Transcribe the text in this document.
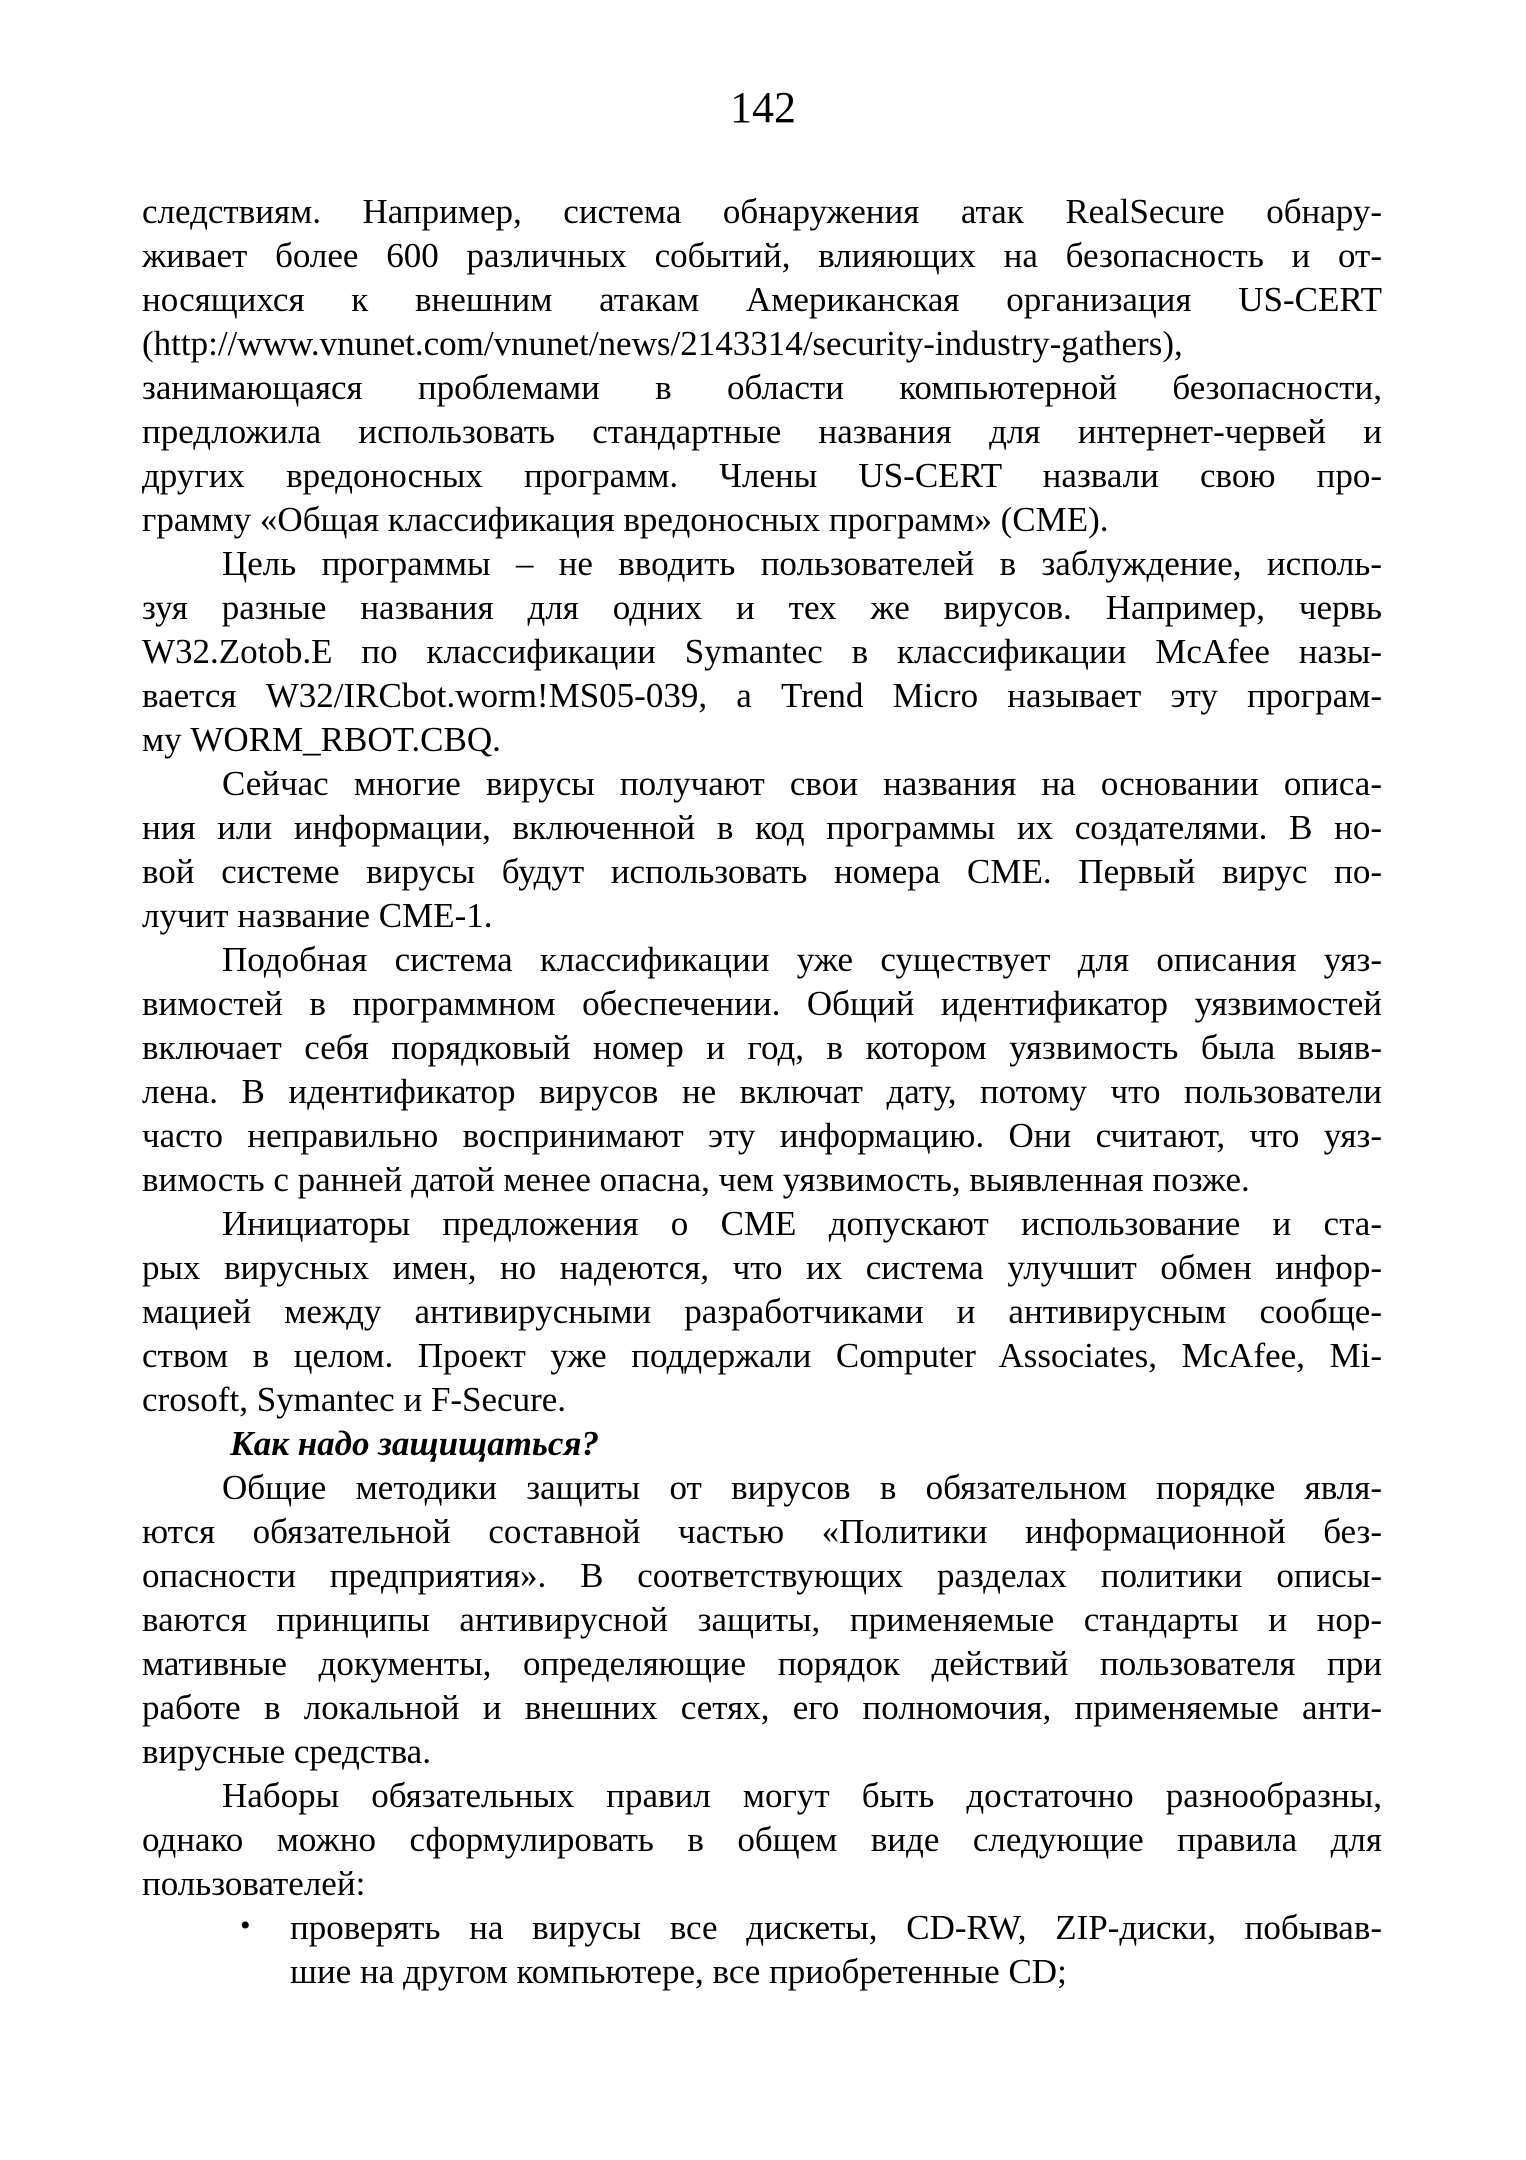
142
следствиям. Например, система обнаружения атак RealSecure обнару-
живает более 600 различных событий, влияющих на безопасность и от-
носящихся к внешним атакам Американская организация US-CERT
(http://www.vnunet.com/vnunet/news/2143314/security-industry-gathers),
занимающаяся проблемами в области компьютерной безопасности,
предложила использовать стандартные названия для интернет-червей и
других вредоносных программ. Члены US-CERT назвали свою про-
грамму «Общая классификация вредоносных программ» (CME).
Цель программы – не вводить пользователей в заблуждение, исполь-
зуя разные названия для одних и тех же вирусов. Например, червь
W32.Zotob.E по классификации Symantec в классификации McAfee назы-
вается W32/IRCbot.worm!MS05-039, а Trend Micro называет эту програм-
му WORM_RBOT.CBQ.
Сейчас многие вирусы получают свои названия на основании описа-
ния или информации, включенной в код программы их создателями. В но-
вой системе вирусы будут использовать номера CME. Первый вирус по-
лучит название CME-1.
Подобная система классификации уже существует для описания уяз-
вимостей в программном обеспечении. Общий идентификатор уязвимостей
включает себя порядковый номер и год, в котором уязвимость была выяв-
лена. В идентификатор вирусов не включат дату, потому что пользователи
часто неправильно воспринимают эту информацию. Они считают, что уяз-
вимость с ранней датой менее опасна, чем уязвимость, выявленная позже.
Инициаторы предложения о CME допускают использование и ста-
рых вирусных имен, но надеются, что их система улучшит обмен инфор-
мацией между антивирусными разработчиками и антивирусным сообще-
ством в целом. Проект уже поддержали Computer Associates, McAfee, Mi-
crosoft, Symantec и F-Secure.
Как надо защищаться?
Общие методики защиты от вирусов в обязательном порядке явля-
ются обязательной составной частью «Политики информационной без-
опасности предприятия». В соответствующих разделах политики описы-
ваются принципы антивирусной защиты, применяемые стандарты и нор-
мативные документы, определяющие порядок действий пользователя при
работе в локальной и внешних сетях, его полномочия, применяемые анти-
вирусные средства.
Наборы обязательных правил могут быть достаточно разнообразны,
однако можно сформулировать в общем виде следующие правила для
пользователей:
• проверять на вирусы все дискеты, CD-RW, ZIP-диски, побывав-
шие на другом компьютере, все приобретенные CD;
